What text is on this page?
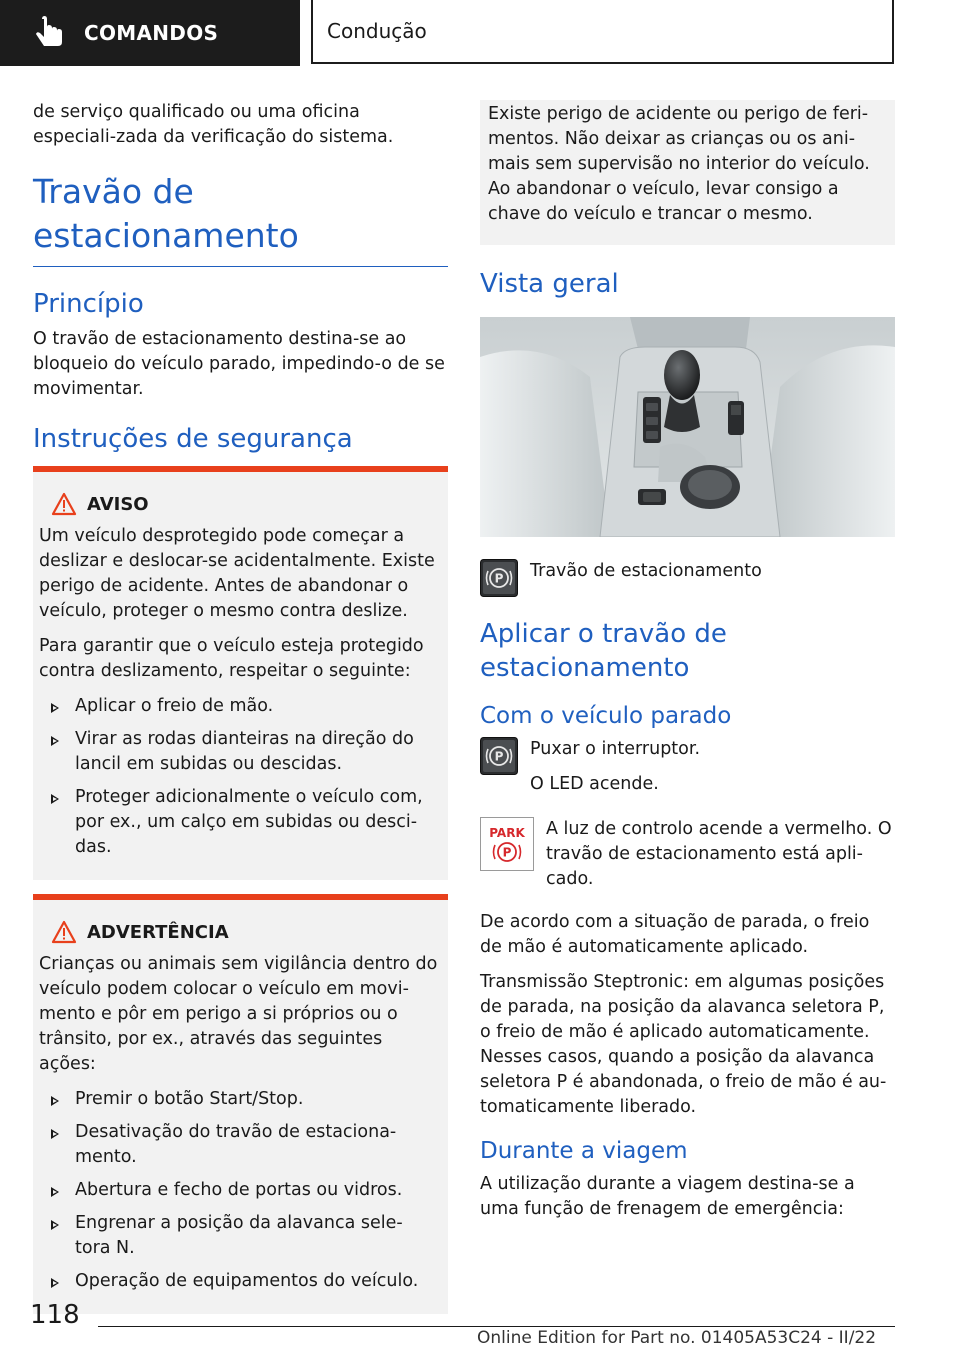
COMANDOS	Condução

de serviço qualificado ou uma oficina especiali‐zada da verificação do sistema.

Travão de estacionamento
Princípio

O travão de estacionamento destina-se ao bloqueio do veículo parado, impedindo-o de se movimentar.

Instruções de segurança
AVISO

Um veículo desprotegido pode começar a deslizar e deslocar-se acidentalmente. Existe perigo de acidente. Antes de abandonar o veículo, proteger o mesmo contra deslize.

Para garantir que o veículo esteja protegido contra deslizamento, respeitar o seguinte:

Aplicar o freio de mão.
Virar as rodas dianteiras na direção do lancil em subidas ou descidas.
Proteger adicionalmente o veículo com, por ex., um calço em subidas ou desci‐das.
ADVERTÊNCIA

Crianças ou animais sem vigilância dentro do veículo podem colocar o veículo em movi‐mento e pôr em perigo a si próprios ou o trânsito, por ex., através das seguintes ações:

Premir o botão Start/Stop.
Desativação do travão de estaciona‐mento.
Abertura e fecho de portas ou vidros.
Engrenar a posição da alavanca sele‐tora N.
Operação de equipamentos do veículo.

Existe perigo de acidente ou perigo de feri‐mentos. Não deixar as crianças ou os ani‐mais sem supervisão no interior do veículo. Ao abandonar o veículo, levar consigo a chave do veículo e trancar o mesmo.

Vista geral
P Travão de estacionamento

Aplicar o travão de estacionamento
Com o veículo parado
P Puxar o interruptor.

O LED acende.

PARK
P

A luz de controlo acende a vermelho. O travão de estacionamento está apli‐cado.

De acordo com a situação de parada, o freio de mão é automaticamente aplicado.

Transmissão Steptronic: em algumas posições de parada, na posição da alavanca seletora P, o freio de mão é aplicado automaticamente. Nesses casos, quando a posição da alavanca seletora P é abandonada, o freio de mão é au‐tomaticamente liberado.

Durante a viagem

A utilização durante a viagem destina-se a uma função de frenagem de emergência:

118
Online Edition for Part no. 01405A53C24 - II/22
